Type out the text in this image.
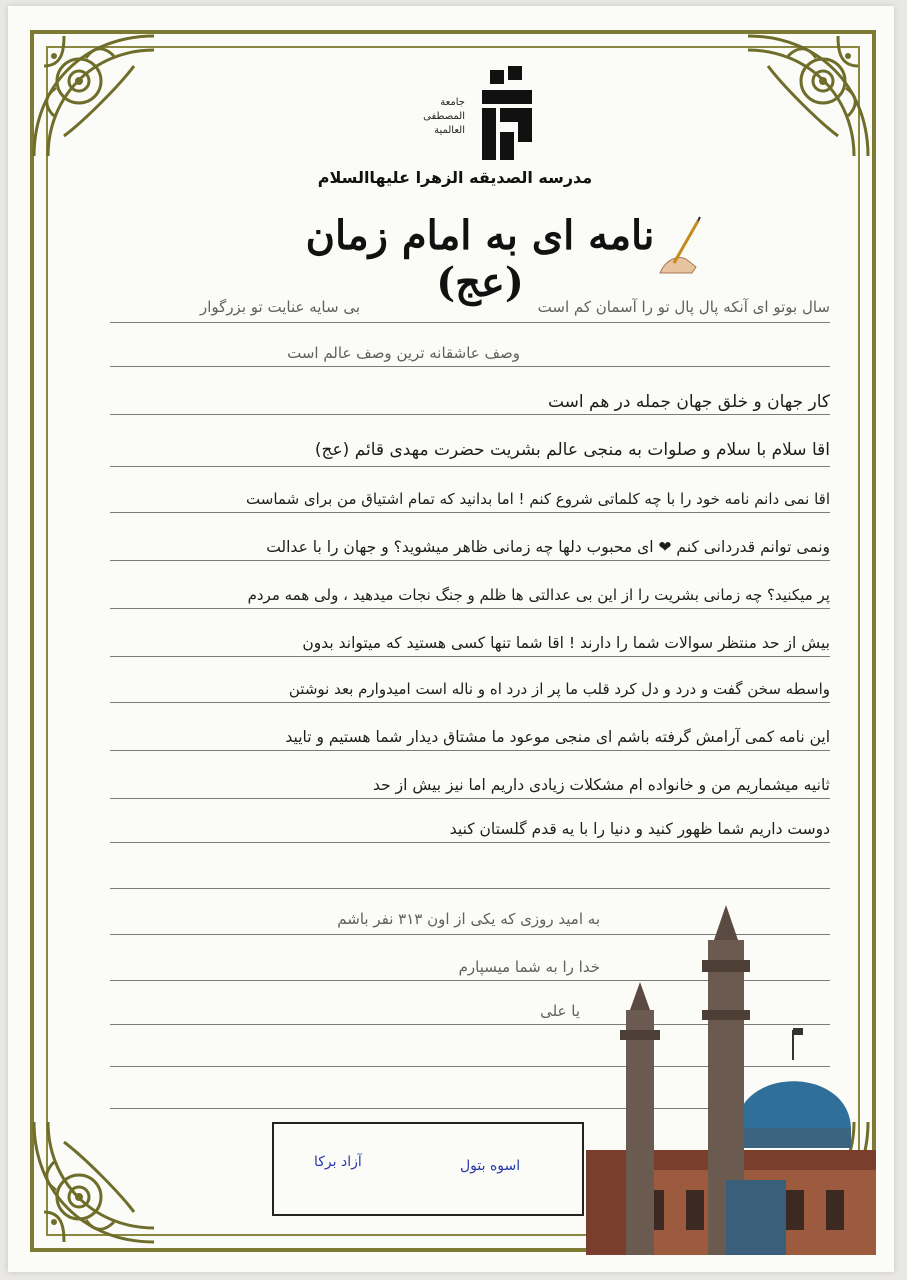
جامعة
المصطفى
العالمية
مدرسه الصدیقه الزهرا علیهاالسلام
نامه ای به امام زمان (عج)
سال بوتو ای آنکه پال پال تو را آسمان کم است
بی سایه عنایت تو بزرگوار
وصف عاشقانه ترین وصف عالم است
کار جهان و خلق جهان جمله در هم است
اقا سلام با سلام و صلوات به منجی عالم بشریت حضرت مهدی قائم (عج)
اقا نمی دانم نامه خود را با چه کلماتی شروع کنم ! اما بدانید که تمام اشتیاق من برای شماست
ونمی توانم قدردانی کنم ❤ ای محبوب دلها چه زمانی ظاهر میشوید؟ و جهان را با عدالت
پر میکنید؟ چه زمانی بشریت را از این بی عدالتی ها ظلم و جنگ نجات میدهید ، ولی همه مردم
بیش از حد منتظر سوالات شما را دارند ! اقا شما تنها کسی هستید که میتواند بدون
واسطه سخن گفت و درد و دل کرد قلب ما پر از درد اه و ناله است امیدوارم بعد نوشتن
این نامه کمی آرامش گرفته باشم ای منجی موعود ما مشتاق دیدار شما هستیم و تایید
ثانیه میشماریم من و خانواده ام مشکلات زیادی داریم اما نیز بیش از حد
دوست داریم شما ظهور کنید و دنیا را با یه قدم گلستان کنید
به امید روزی که یکی از اون ۳۱۳ نفر باشم
خدا را به شما میسپارم
یا علی
اسوه بتول
آزاد برکا
